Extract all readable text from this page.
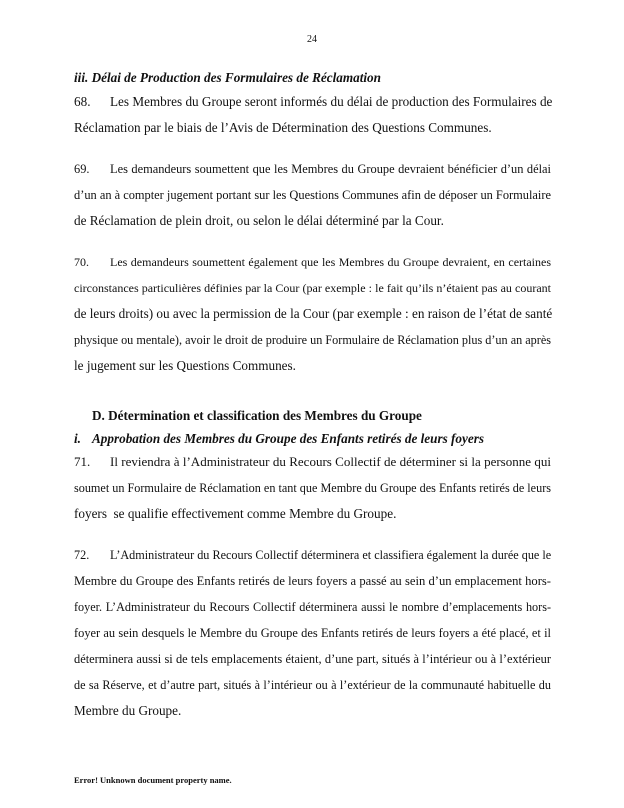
24
iii. Délai de Production des Formulaires de Réclamation
68. Les Membres du Groupe seront informés du délai de production des Formulaires de
Réclamation par le biais de l’Avis de Détermination des Questions Communes.
69. Les demandeurs soumettent que les Membres du Groupe devraient bénéficier d’un délai
d’un an à compter jugement portant sur les Questions Communes afin de déposer un Formulaire
de Réclamation de plein droit, ou selon le délai déterminé par la Cour.
70. Les demandeurs soumettent également que les Membres du Groupe devraient, en certaines
circonstances particulières définies par la Cour (par exemple : le fait qu’ils n’étaient pas au courant
de leurs droits) ou avec la permission de la Cour (par exemple : en raison de l’état de santé
physique ou mentale), avoir le droit de produire un Formulaire de Réclamation plus d’un an après
le jugement sur les Questions Communes.
D. Détermination et classification des Membres du Groupe
i. Approbation des Membres du Groupe des Enfants retirés de leurs foyers
71. Il reviendra à l’Administrateur du Recours Collectif de déterminer si la personne qui
soumet un Formulaire de Réclamation en tant que Membre du Groupe des Enfants retirés de leurs
foyers  se qualifie effectivement comme Membre du Groupe.
72. L’Administrateur du Recours Collectif déterminera et classifiera également la durée que le
Membre du Groupe des Enfants retirés de leurs foyers a passé au sein d’un emplacement hors-
foyer. L’Administrateur du Recours Collectif déterminera aussi le nombre d’emplacements hors-
foyer au sein desquels le Membre du Groupe des Enfants retirés de leurs foyers a été placé, et il
déterminera aussi si de tels emplacements étaient, d’une part, situés à l’intérieur ou à l’extérieur
de sa Réserve, et d’autre part, situés à l’intérieur ou à l’extérieur de la communauté habituelle du
Membre du Groupe.
Error! Unknown document property name.
